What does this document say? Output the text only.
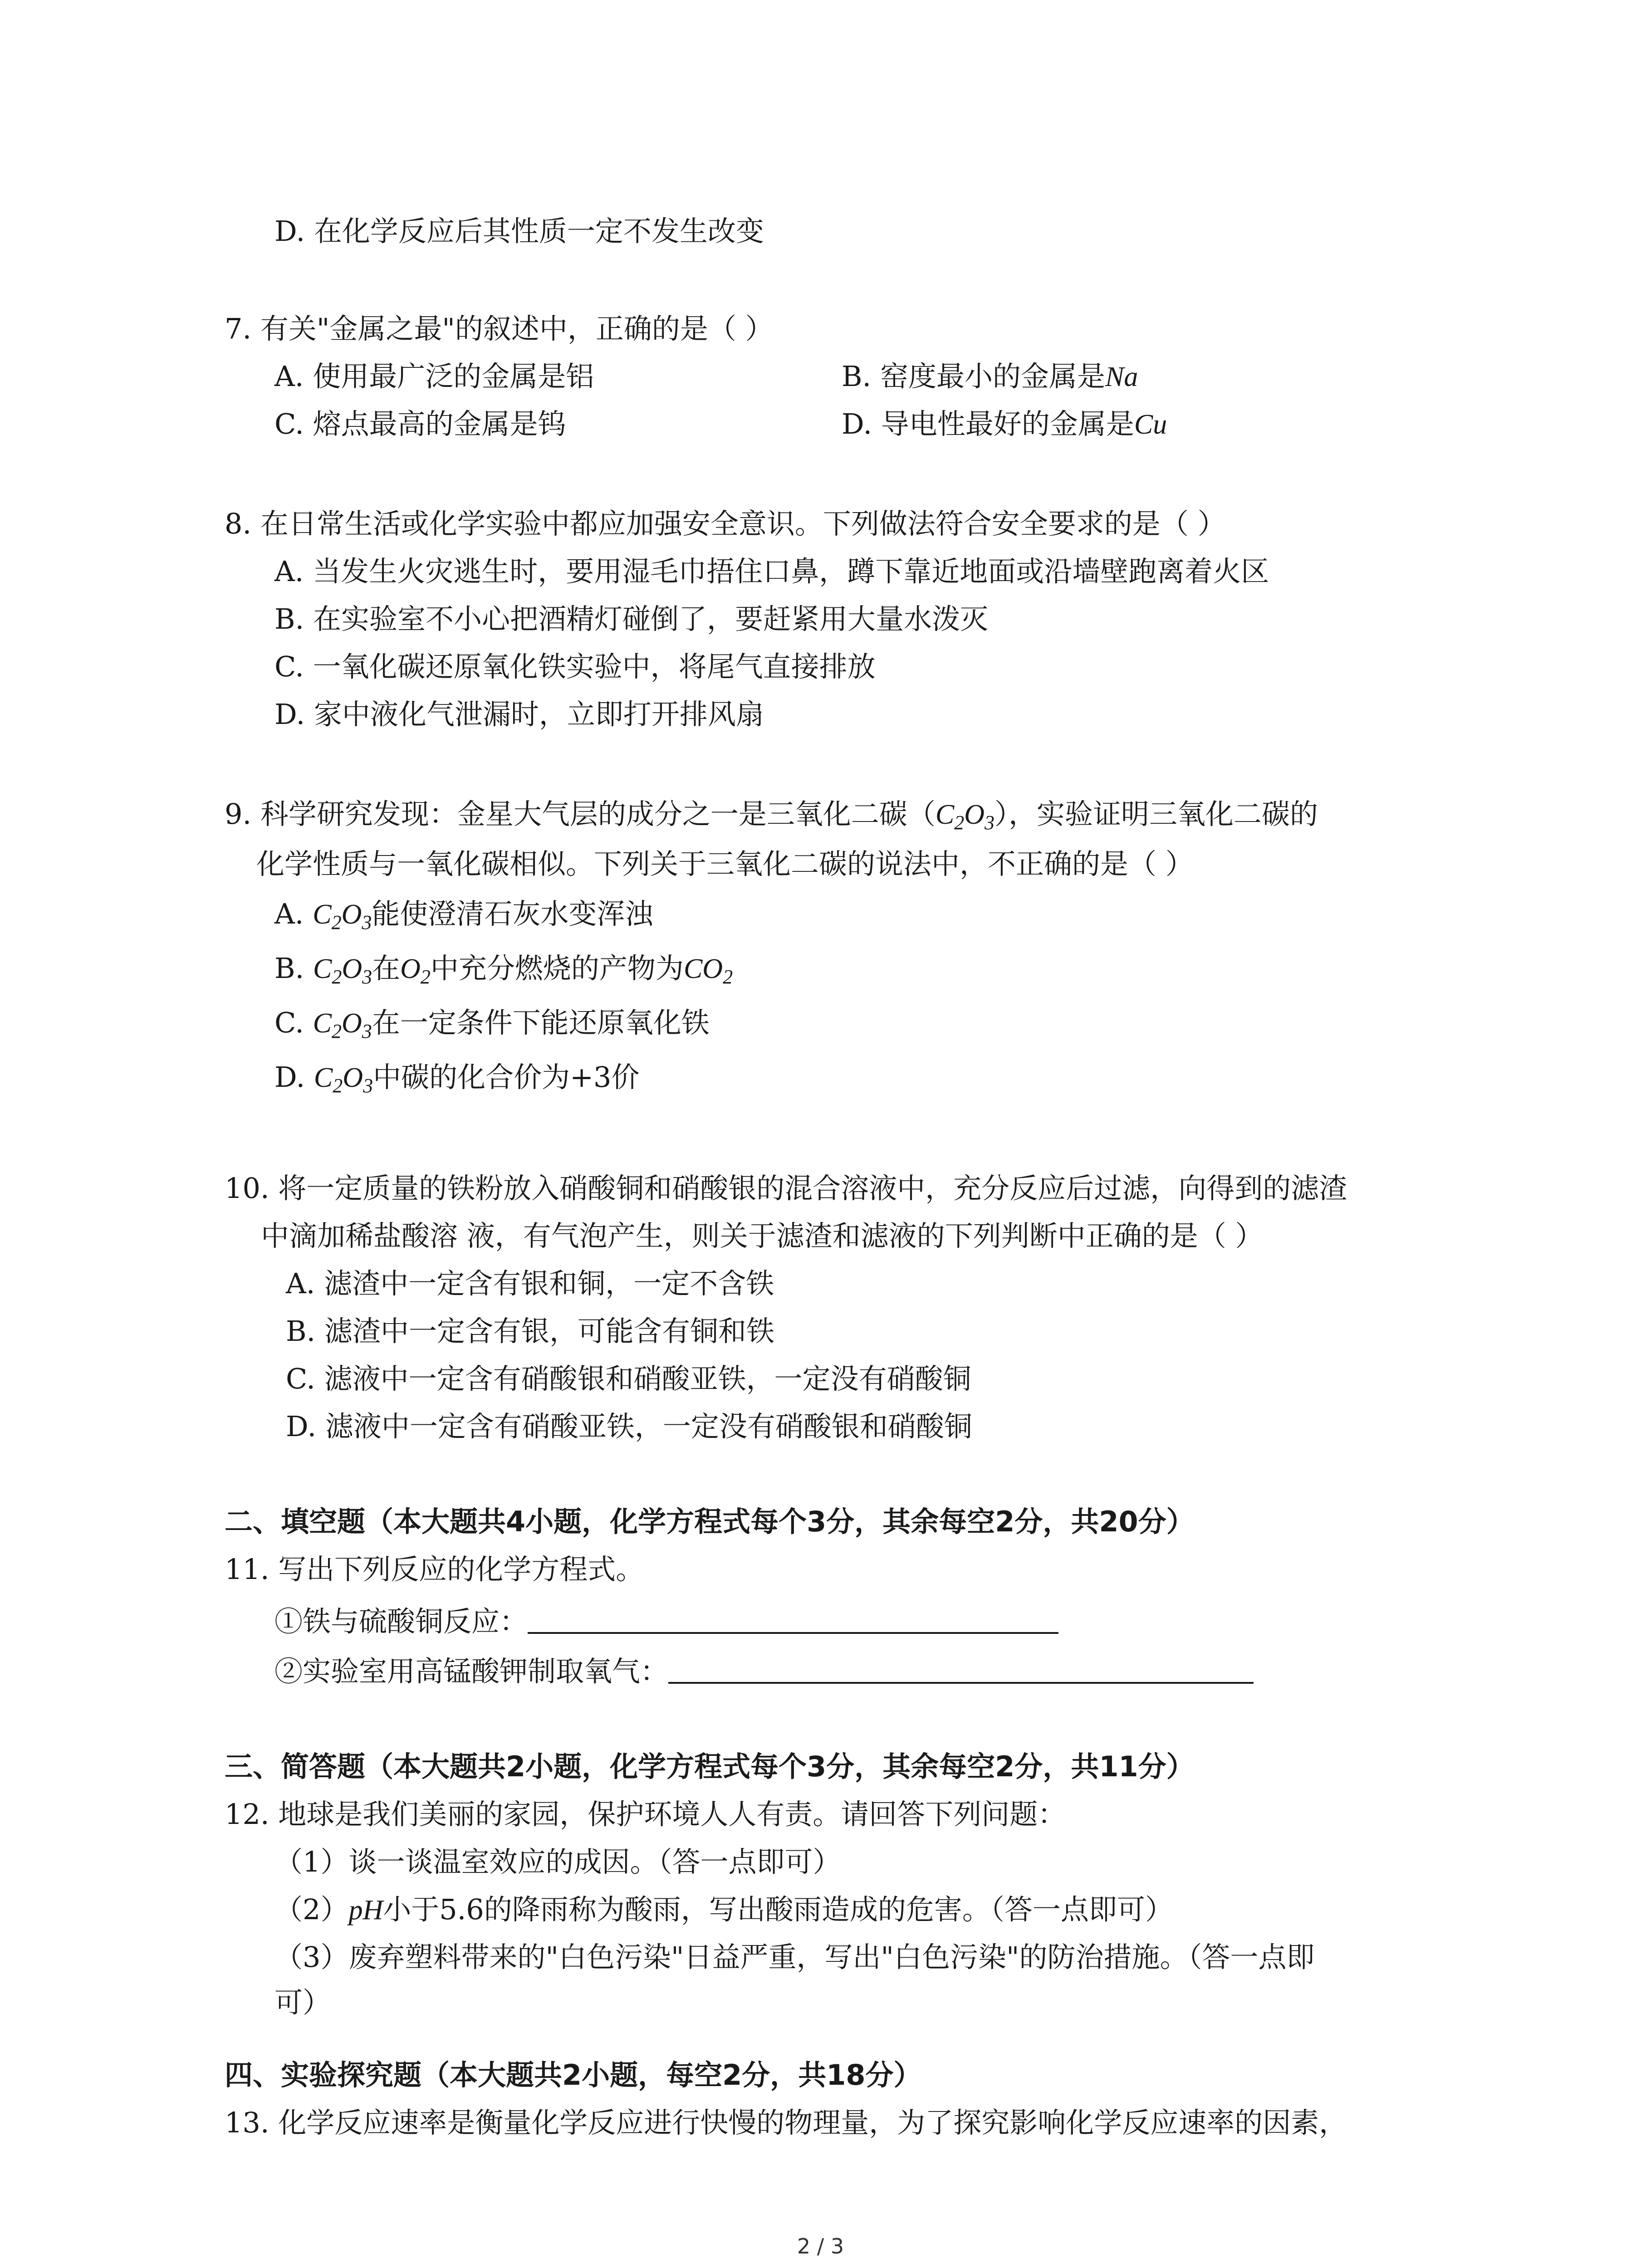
D. 在化学反应后其性质一定不发生改变
7. 有关"金属之最"的叙述中，正确的是（ ）
A. 使用最广泛的金属是铝	B. 窑度最小的金属是Na
C. 熔点最高的金属是钨	D. 导电性最好的金属是Cu
8. 在日常生活或化学实验中都应加强安全意识。下列做法符合安全要求的是（ ）
A. 当发生火灾逃生时，要用湿毛巾捂住口鼻，蹲下靠近地面或沿墙壁跑离着火区
B. 在实验室不小心把酒精灯碰倒了，要赶紧用大量水泼灭
C. 一氧化碳还原氧化铁实验中，将尾气直接排放
D. 家中液化气泄漏时，立即打开排风扇
9. 科学研究发现：金星大气层的成分之一是三氧化二碳$(C_2O_3)$，实验证明三氧化二碳的
化学性质与一氧化碳相似。下列关于三氧化二碳的说法中，不正确的是（ ）
A. $C_2O_3$能使澄清石灰水变浑浊
B. $C_2O_3$在$O_2$中充分燃烧的产物为$CO_2$
C. $C_2O_3$在一定条件下能还原氧化铁
D. $C_2O_3$中碳的化合价为+3价
10. 将一定质量的铁粉放入硝酸铜和硝酸银的混合溶液中，充分反应后过滤，向得到的滤渣
中滴加稀盐酸溶 液，有气泡产生，则关于滤渣和滤液的下列判断中正确的是（ ）
A. 滤渣中一定含有银和铜，一定不含铁
B. 滤渣中一定含有银，可能含有铜和铁
C. 滤液中一定含有硝酸银和硝酸亚铁，一定没有硝酸铜
D. 滤液中一定含有硝酸亚铁，一定没有硝酸银和硝酸铜
二、填空题（本大题共4小题，化学方程式每个3分，其余每空2分，共20分）
11. 写出下列反应的化学方程式。
①铁与硫酸铜反应：
②实验室用高锰酸钾制取氧气：
三、简答题（本大题共2小题，化学方程式每个3分，其余每空2分，共11分）
12. 地球是我们美丽的家园，保护环境人人有责。请回答下列问题：
（1）谈一谈温室效应的成因。（答一点即可）
（2）pH小于5.6的降雨称为酸雨，写出酸雨造成的危害。（答一点即可）
（3）废弃塑料带来的"白色污染"日益严重，写出"白色污染"的防治措施。（答一点即
可）
四、实验探究题（本大题共2小题，每空2分，共18分）
13. 化学反应速率是衡量化学反应进行快慢的物理量，为了探究影响化学反应速率的因素，
2 / 3
